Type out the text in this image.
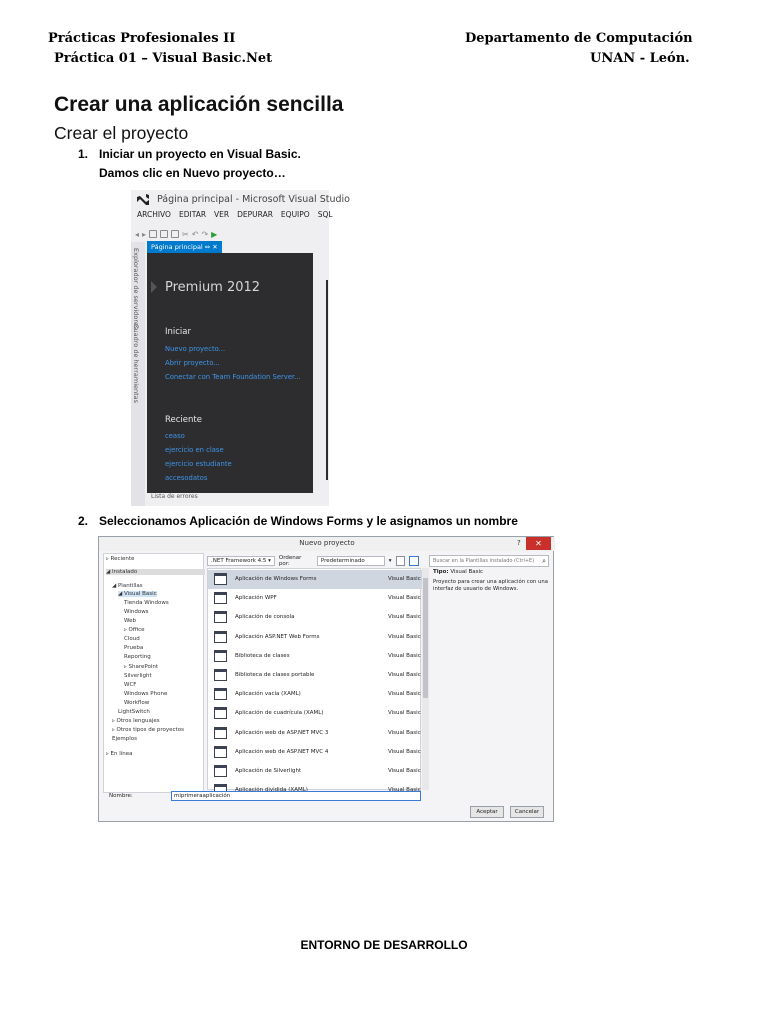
Prácticas Profesionales II
Práctica 01 – Visual Basic.Net
Departamento de Computación
UNAN - León.
Crear una aplicación sencilla
Crear el proyecto
1. Iniciar un proyecto en Visual Basic.
Damos clic en Nuevo proyecto…
Página principal - Microsoft Visual Studio
ARCHIVO EDITAR VER DEPURAR EQUIPO SQL
◂ ▸	✂ ↶ ↷ ▶
Explorador de servidores
Cuadro de herramientas
Página principal ⇔ ✕
Premium 2012
Iniciar
Nuevo proyecto...
Abrir proyecto...
Conectar con Team Foundation Server...
Reciente
ceaso
ejercicio en clase
ejercicio estudiante
accesodatos
Lista de errores
2. Seleccionamos Aplicación de Windows Forms y le asignamos un nombre
Nuevo proyecto	?	✕
▹ Reciente
◢ Instalado
◢ Plantillas
◢ Visual Basic
Tienda Windows
Windows
Web
▹ Office
Cloud
Prueba
Reporting
▹ SharePoint
Silverlight
WCF
Windows Phone
Workflow
LightSwitch
▹ Otros lenguajes
▹ Otros tipos de proyectos
Ejemplos
▹ En línea
.NET Framework 4.5 ▾	Ordenar por:	Predeterminado	▾	Buscar en la Plantillas instalado (Ctrl+E) ⌕
Aplicación de Windows Forms	Visual Basic
Aplicación WPF	Visual Basic
Aplicación de consola	Visual Basic
Aplicación ASP.NET Web Forms	Visual Basic
Biblioteca de clases	Visual Basic
Biblioteca de clases portable	Visual Basic
Aplicación vacía (XAML)	Visual Basic
Aplicación de cuadrícula (XAML)	Visual Basic
Aplicación web de ASP.NET MVC 3	Visual Basic
Aplicación web de ASP.NET MVC 4	Visual Basic
Aplicación de Silverlight	Visual Basic
Tipo: Visual Basic
Proyecto para crear una aplicación con una interfaz de usuario de Windows.
Nombre:	miprimeraaplicación
Aceptar	Cancelar
ENTORNO DE DESARROLLO
